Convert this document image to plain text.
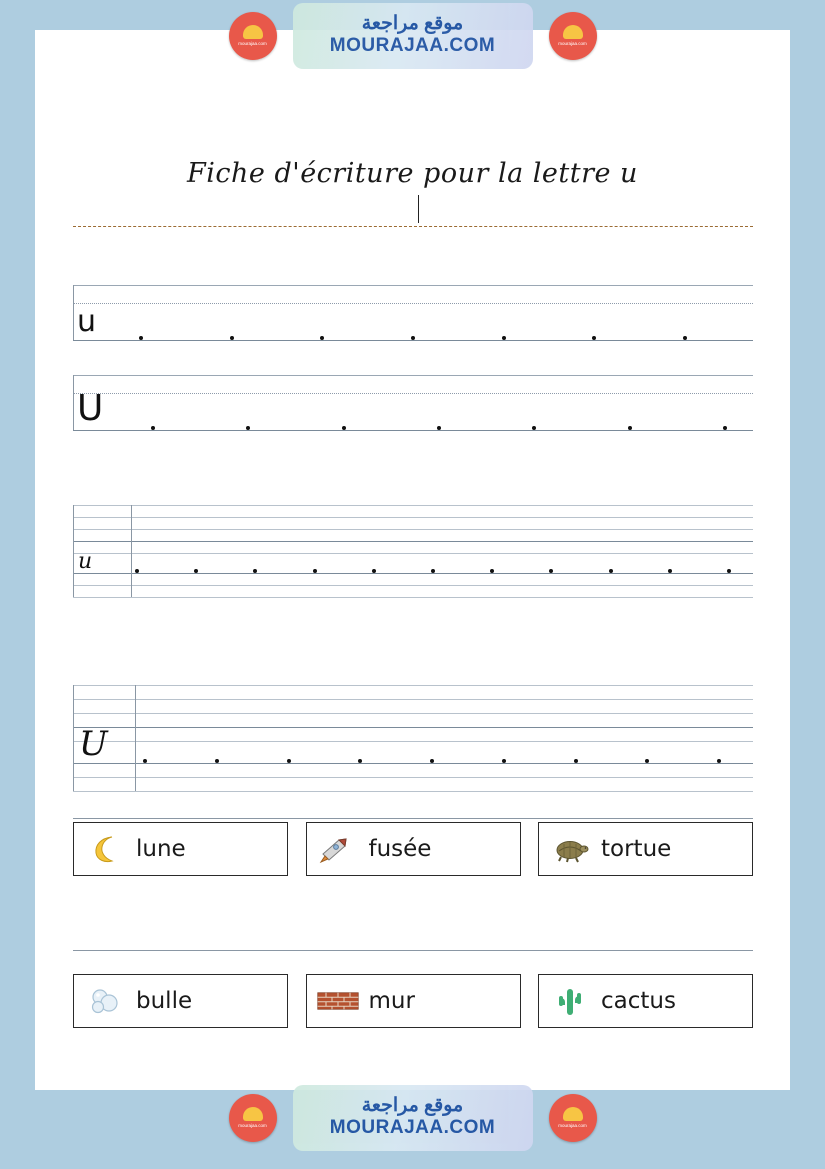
Fiche d'écriture pour la lettre u
u
U
u
U
lune	fusée	tortue
bulle	mur	cactus
mourajaa.com
موقع مراجعة
MOURAJAA.COM	mourajaa.com
mourajaa.com
موقع مراجعة
MOURAJAA.COM	mourajaa.com
